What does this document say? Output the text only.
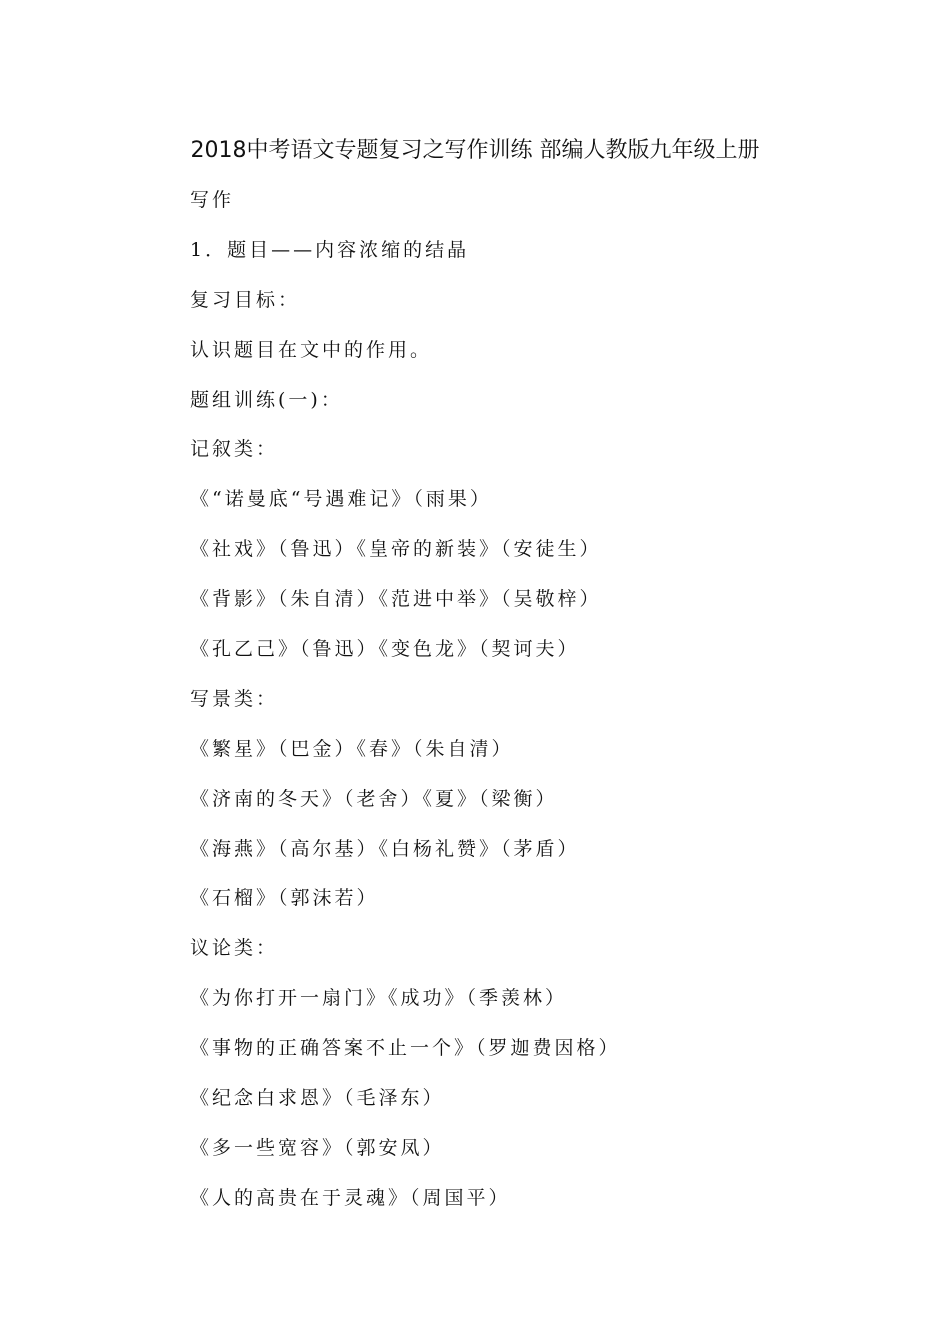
2018中考语文专题复习之写作训练 部编人教版九年级上册
写作
1．题目——内容浓缩的结晶
复习目标：
认识题目在文中的作用。
题组训练(一)：
记叙类：
《“诺曼底“号遇难记》（雨果）
《社戏》（鲁迅）《皇帝的新装》（安徒生）
《背影》（朱自清）《范进中举》（吴敬梓）
《孔乙己》（鲁迅）《变色龙》（契诃夫）
写景类：
《繁星》（巴金）《春》（朱自清）
《济南的冬天》（老舍）《夏》（梁衡）
《海燕》（高尔基）《白杨礼赞》（茅盾）
《石榴》（郭沫若）
议论类：
《为你打开一扇门》《成功》（季羡林）
《事物的正确答案不止一个》（罗迦费因格）
《纪念白求恩》（毛泽东）
《多一些宽容》（郭安凤）
《人的高贵在于灵魂》（周国平）
